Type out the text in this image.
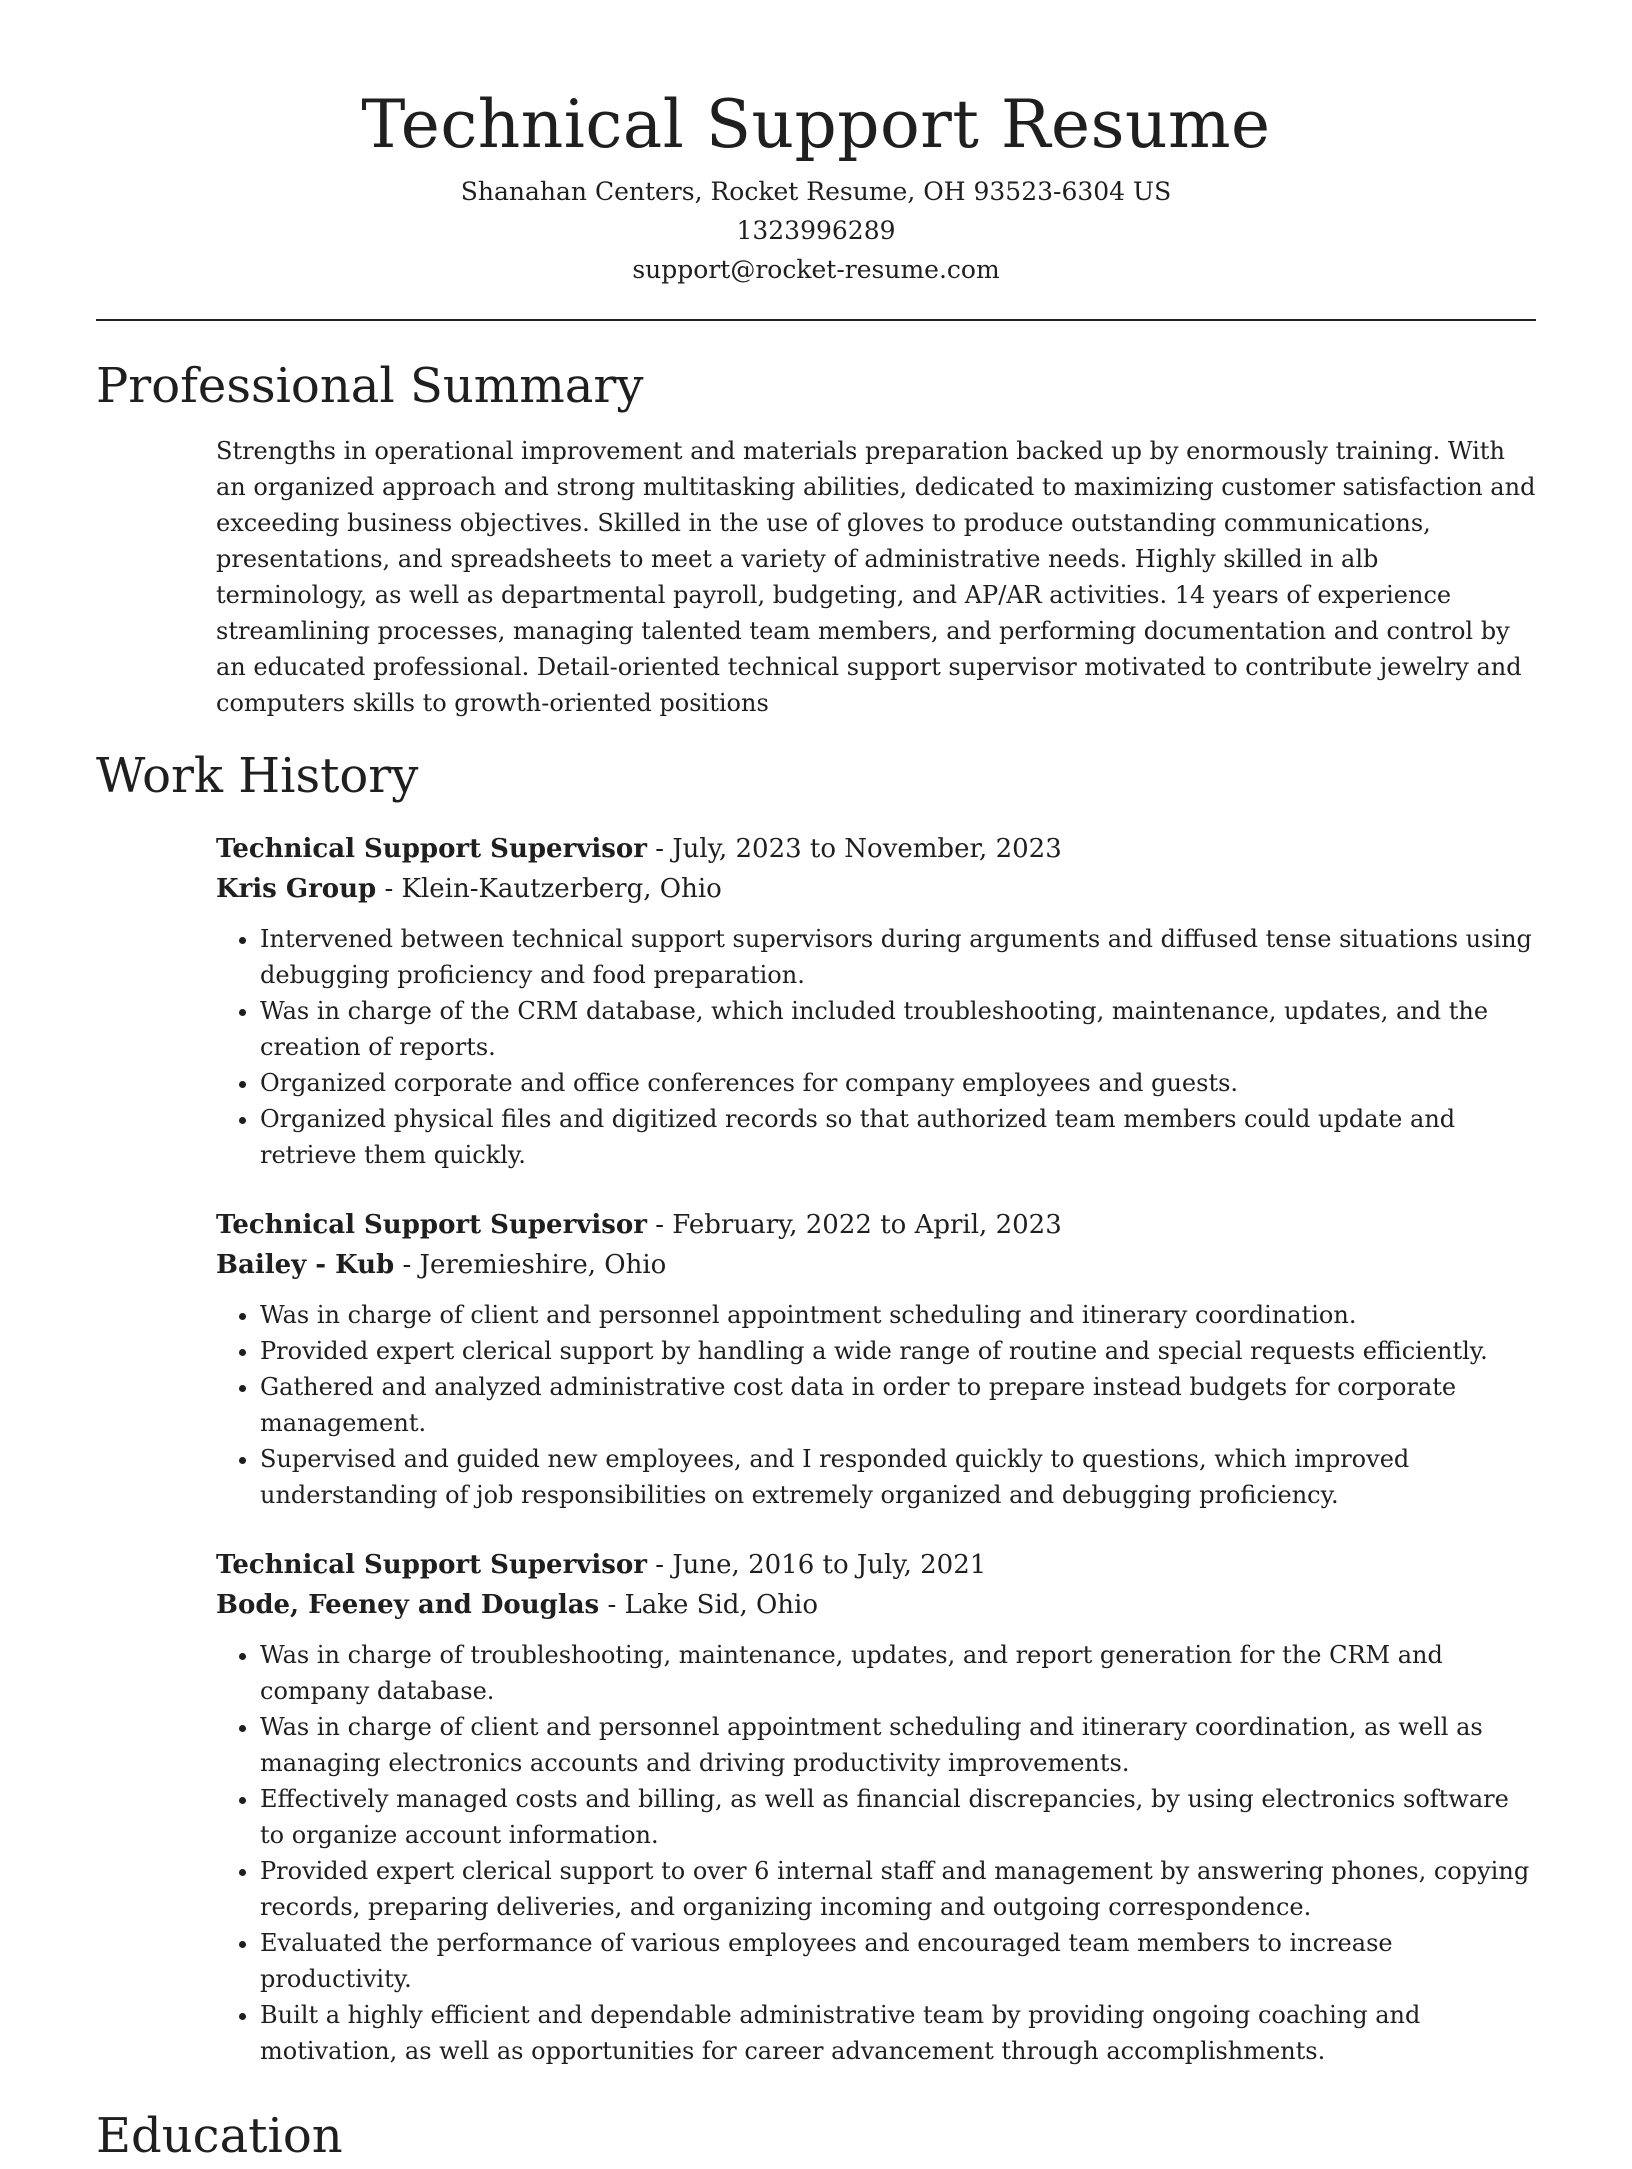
Technical Support Resume

Shanahan Centers, Rocket Resume, OH 93523-6304 US
1323996289
support@rocket-resume.com

Professional Summary

Strengths in operational improvement and materials preparation backed up by enormously training. With an organized approach and strong multitasking abilities, dedicated to maximizing customer satisfaction and exceeding business objectives. Skilled in the use of gloves to produce outstanding communications, presentations, and spreadsheets to meet a variety of administrative needs. Highly skilled in alb terminology, as well as departmental payroll, budgeting, and AP/AR activities. 14 years of experience streamlining processes, managing talented team members, and performing documentation and control by an educated professional. Detail-oriented technical support supervisor motivated to contribute jewelry and computers skills to growth-oriented positions

Work History

Technical Support Supervisor - July, 2023 to November, 2023

Kris Group - Klein-Kautzerberg, Ohio

• Intervened between technical support supervisors during arguments and diffused tense situations using debugging proficiency and food preparation.
• Was in charge of the CRM database, which included troubleshooting, maintenance, updates, and the creation of reports.
• Organized corporate and office conferences for company employees and guests.
• Organized physical files and digitized records so that authorized team members could update and retrieve them quickly.

Technical Support Supervisor - February, 2022 to April, 2023

Bailey - Kub - Jeremieshire, Ohio

• Was in charge of client and personnel appointment scheduling and itinerary coordination.
• Provided expert clerical support by handling a wide range of routine and special requests efficiently.
• Gathered and analyzed administrative cost data in order to prepare instead budgets for corporate management.
• Supervised and guided new employees, and I responded quickly to questions, which improved understanding of job responsibilities on extremely organized and debugging proficiency.

Technical Support Supervisor - June, 2016 to July, 2021

Bode, Feeney and Douglas - Lake Sid, Ohio

• Was in charge of troubleshooting, maintenance, updates, and report generation for the CRM and company database.
• Was in charge of client and personnel appointment scheduling and itinerary coordination, as well as managing electronics accounts and driving productivity improvements.
• Effectively managed costs and billing, as well as financial discrepancies, by using electronics software to organize account information.
• Provided expert clerical support to over 6 internal staff and management by answering phones, copying records, preparing deliveries, and organizing incoming and outgoing correspondence.
• Evaluated the performance of various employees and encouraged team members to increase productivity.
• Built a highly efficient and dependable administrative team by providing ongoing coaching and motivation, as well as opportunities for career advancement through accomplishments.
Education
